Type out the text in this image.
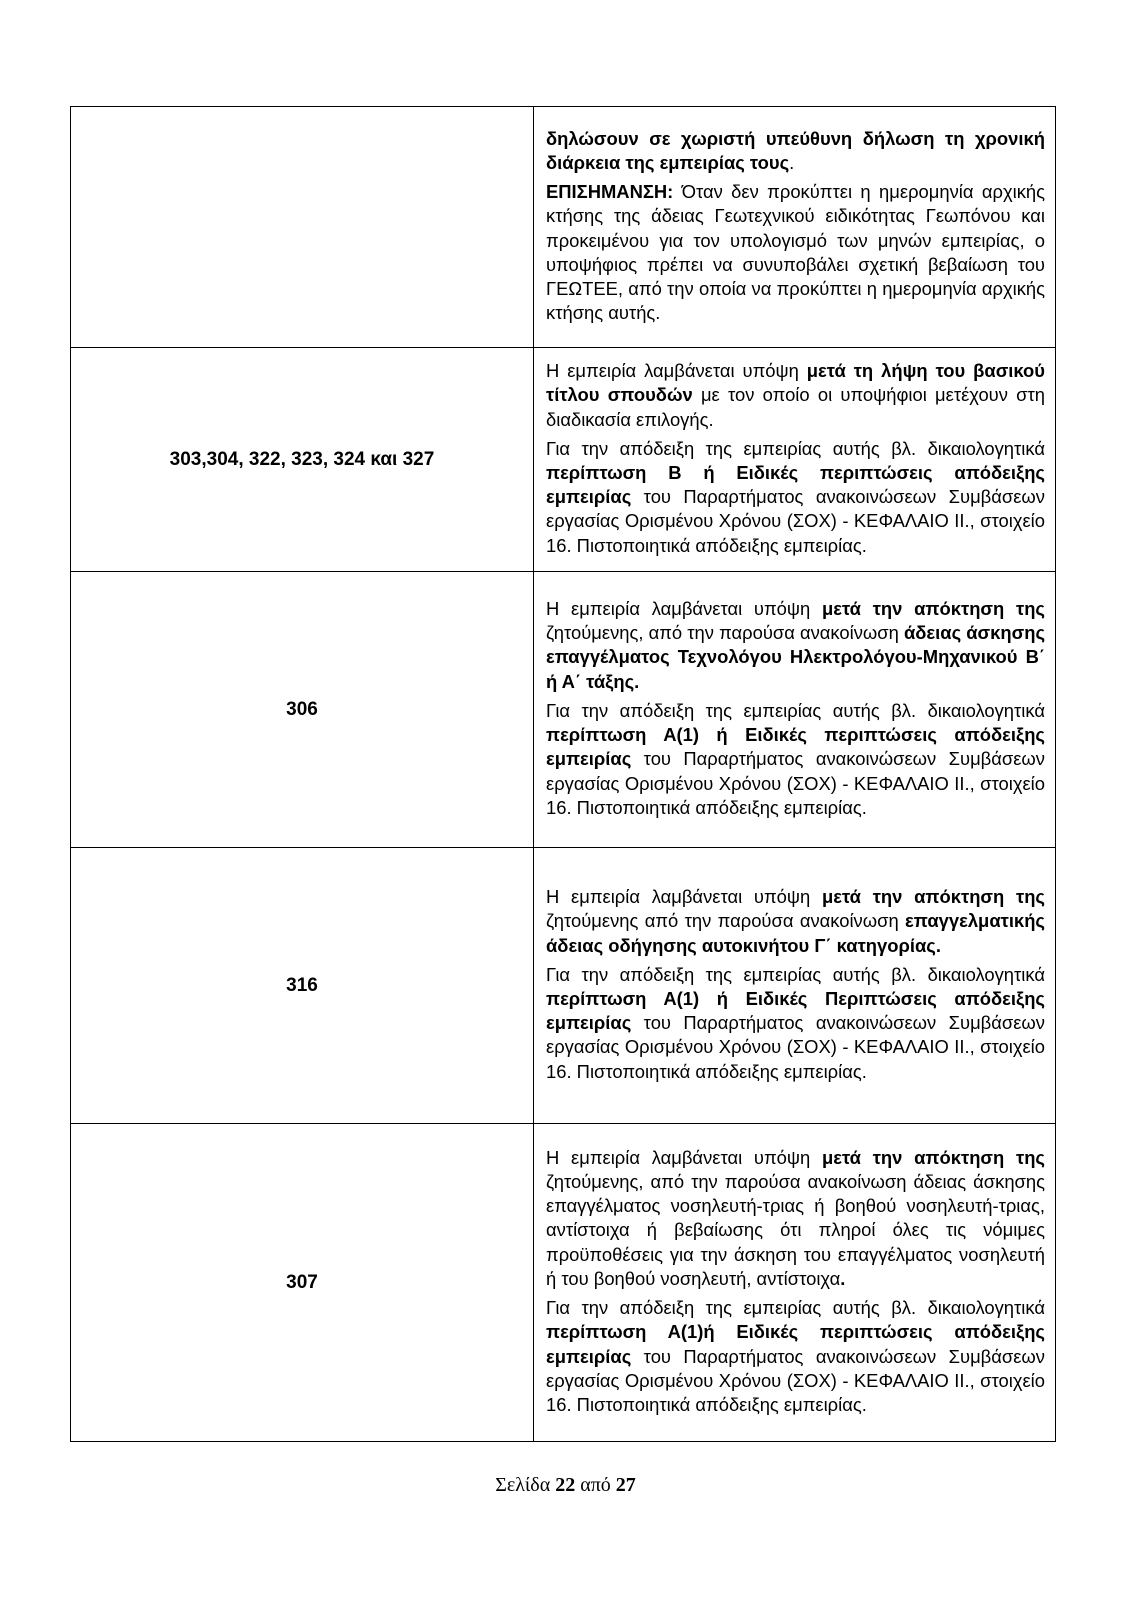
	δηλώσουν σε χωριστή υπεύθυνη δήλωση τη χρονική διάρκεια της εμπειρίας τους.

ΕΠΙΣΗΜΑΝΣΗ: Όταν δεν προκύπτει η ημερομηνία αρχικής κτήσης της άδειας Γεωτεχνικού ειδικότητας Γεωπόνου και προκειμένου για τον υπολογισμό των μηνών εμπειρίας, ο υποψήφιος πρέπει να συνυποβάλει σχετική βεβαίωση του ΓΕΩΤΕΕ, από την οποία να προκύπτει η ημερομηνία αρχικής κτήσης αυτής.

303,304, 322, 323, 324 και 327	Η εμπειρία λαμβάνεται υπόψη μετά τη λήψη του βασικού τίτλου σπουδών με τον οποίο οι υποψήφιοι μετέχουν στη διαδικασία επιλογής.

Για την απόδειξη της εμπειρίας αυτής βλ. δικαιολογητικά περίπτωση Β ή Ειδικές περιπτώσεις απόδειξης εμπειρίας του Παραρτήματος ανακοινώσεων Συμβάσεων εργασίας Ορισμένου Χρόνου (ΣΟΧ) - ΚΕΦΑΛΑΙΟ ΙΙ., στοιχείο 16. Πιστοποιητικά απόδειξης εμπειρίας.

306	Η εμπειρία λαμβάνεται υπόψη μετά την απόκτηση της ζητούμενης, από την παρούσα ανακοίνωση άδειας άσκησης επαγγέλματος Τεχνολόγου Ηλεκτρολόγου-Μηχανικού Β΄ ή Α΄ τάξης.

Για την απόδειξη της εμπειρίας αυτής βλ. δικαιολογητικά περίπτωση Α(1) ή Ειδικές περιπτώσεις απόδειξης εμπειρίας του Παραρτήματος ανακοινώσεων Συμβάσεων εργασίας Ορισμένου Χρόνου (ΣΟΧ) - ΚΕΦΑΛΑΙΟ ΙΙ., στοιχείο 16. Πιστοποιητικά απόδειξης εμπειρίας.

316	Η εμπειρία λαμβάνεται υπόψη μετά την απόκτηση της ζητούμενης από την παρούσα ανακοίνωση επαγγελματικής άδειας οδήγησης αυτοκινήτου Γ΄ κατηγορίας.

Για την απόδειξη της εμπειρίας αυτής βλ. δικαιολογητικά περίπτωση Α(1) ή Ειδικές Περιπτώσεις απόδειξης εμπειρίας του Παραρτήματος ανακοινώσεων Συμβάσεων εργασίας Ορισμένου Χρόνου (ΣΟΧ) - ΚΕΦΑΛΑΙΟ ΙΙ., στοιχείο 16. Πιστοποιητικά απόδειξης εμπειρίας.

307	Η εμπειρία λαμβάνεται υπόψη μετά την απόκτηση της ζητούμενης, από την παρούσα ανακοίνωση άδειας άσκησης επαγγέλματος νοσηλευτή-τριας ή βοηθού νοσηλευτή-τριας, αντίστοιχα ή βεβαίωσης ότι πληροί όλες τις νόμιμες προϋποθέσεις για την άσκηση του επαγγέλματος νοσηλευτή ή του βοηθού νοσηλευτή, αντίστοιχα.

Για την απόδειξη της εμπειρίας αυτής βλ. δικαιολογητικά περίπτωση Α(1)ή Ειδικές περιπτώσεις απόδειξης εμπειρίας του Παραρτήματος ανακοινώσεων Συμβάσεων εργασίας Ορισμένου Χρόνου (ΣΟΧ) - ΚΕΦΑΛΑΙΟ ΙΙ., στοιχείο 16. Πιστοποιητικά απόδειξης εμπειρίας.

Σελίδα 22 από 27
